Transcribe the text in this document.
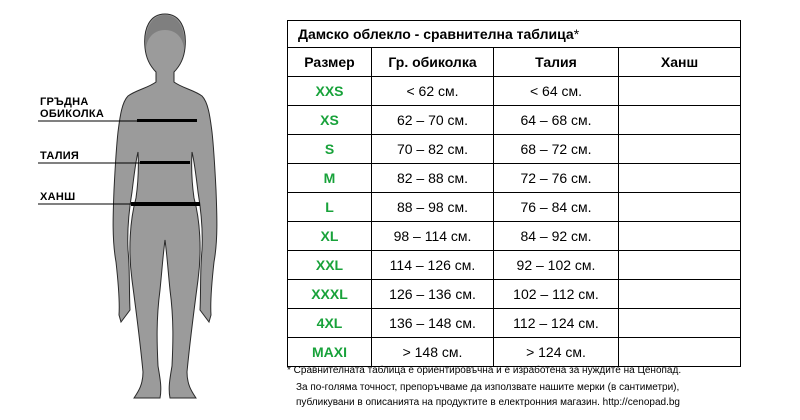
ГРЪДНА
ОБИКОЛКА
ТАЛИЯ
ХАНШ
Дамско облекло - сравнителна таблица*			
Размер	Гр. обиколка	Талия	Ханш
XXS	< 62 см.	< 64 см.	
XS	62 – 70 см.	64 – 68 см.	
S	70 – 82 см.	68 – 72 см.	
M	82 – 88 см.	72 – 76 см.	
L	88 – 98 см.	76 – 84 см.	
XL	98 – 114 см.	84 – 92 см.	
XXL	114 – 126 см.	92 – 102 см.	
XXXL	126 – 136 см.	102 – 112 см.	
4XL	136 – 148 см.	112 – 124 см.	
MAXI	> 148 см.	> 124 см.	
* Сравнителната таблица е ориентировъчна и е изработена за нуждите на Ценопад.
За по-голяма точност, препоръчваме да използвате нашите мерки (в сантиметри),
публикувани в описанията на продуктите в електронния магазин. http://cenopad.bg
